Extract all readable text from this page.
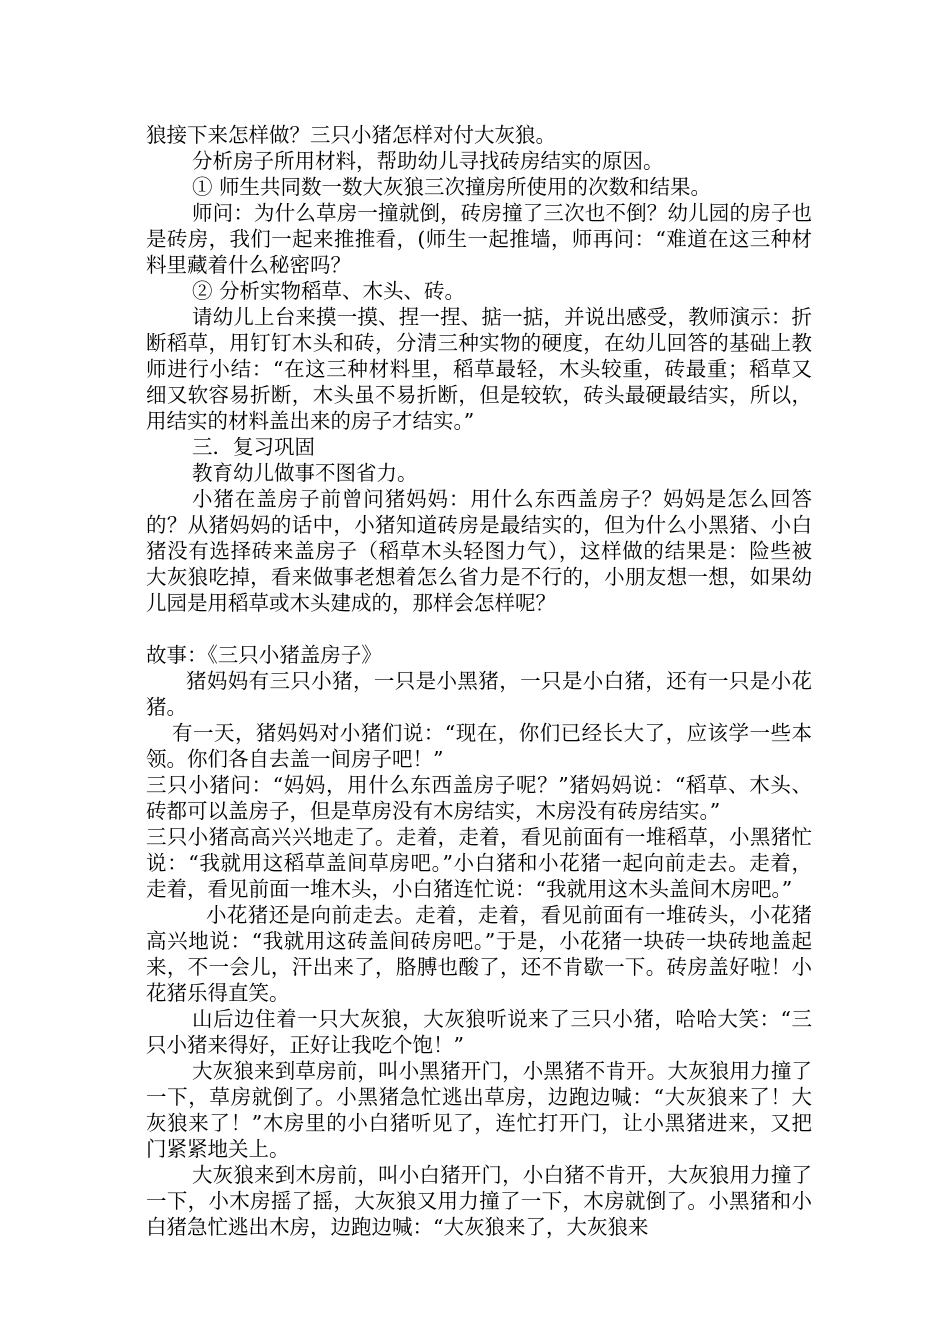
狼接下来怎样做？三只小猪怎样对付大灰狼。

分析房子所用材料，帮助幼儿寻找砖房结实的原因。

① 师生共同数一数大灰狼三次撞房所使用的次数和结果。

师问：为什么草房一撞就倒，砖房撞了三次也不倒？幼儿园的房子也是砖房，我们一起来推推看，(师生一起推墙，师再问：“难道在这三种材料里藏着什么秘密吗？

② 分析实物稻草、木头、砖。

请幼儿上台来摸一摸、捏一捏、掂一掂，并说出感受，教师演示：折断稻草，用钉钉木头和砖，分清三种实物的硬度，在幼儿回答的基础上教师进行小结：“在这三种材料里，稻草最轻，木头较重，砖最重；稻草又细又软容易折断，木头虽不易折断，但是较软，砖头最硬最结实，所以，用结实的材料盖出来的房子才结实。”

三．复习巩固

教育幼儿做事不图省力。

小猪在盖房子前曾问猪妈妈：用什么东西盖房子？妈妈是怎么回答的？从猪妈妈的话中，小猪知道砖房是最结实的，但为什么小黑猪、小白猪没有选择砖来盖房子（稻草木头轻图力气），这样做的结果是：险些被大灰狼吃掉，看来做事老想着怎么省力是不行的，小朋友想一想，如果幼儿园是用稻草或木头建成的，那样会怎样呢？

故事：《三只小猪盖房子》

猪妈妈有三只小猪，一只是小黑猪，一只是小白猪，还有一只是小花猪。

有一天，猪妈妈对小猪们说：“现在，你们已经长大了，应该学一些本领。你们各自去盖一间房子吧！”

三只小猪问：“妈妈，用什么东西盖房子呢？”猪妈妈说：“稻草、木头、砖都可以盖房子，但是草房没有木房结实，木房没有砖房结实。”

三只小猪高高兴兴地走了。走着，走着，看见前面有一堆稻草，小黑猪忙说：“我就用这稻草盖间草房吧。”小白猪和小花猪一起向前走去。走着，走着，看见前面一堆木头，小白猪连忙说：“我就用这木头盖间木房吧。”

小花猪还是向前走去。走着，走着，看见前面有一堆砖头，小花猪高兴地说：“我就用这砖盖间砖房吧。”于是，小花猪一块砖一块砖地盖起来，不一会儿，汗出来了，胳膊也酸了，还不肯歇一下。砖房盖好啦！小花猪乐得直笑。

山后边住着一只大灰狼，大灰狼听说来了三只小猪，哈哈大笑：“三只小猪来得好，正好让我吃个饱！”

大灰狼来到草房前，叫小黑猪开门，小黑猪不肯开。大灰狼用力撞了一下，草房就倒了。小黑猪急忙逃出草房，边跑边喊：“大灰狼来了！大灰狼来了！”木房里的小白猪听见了，连忙打开门，让小黑猪进来，又把门紧紧地关上。

大灰狼来到木房前，叫小白猪开门，小白猪不肯开，大灰狼用力撞了一下，小木房摇了摇，大灰狼又用力撞了一下，木房就倒了。小黑猪和小白猪急忙逃出木房，边跑边喊：“大灰狼来了，大灰狼来
